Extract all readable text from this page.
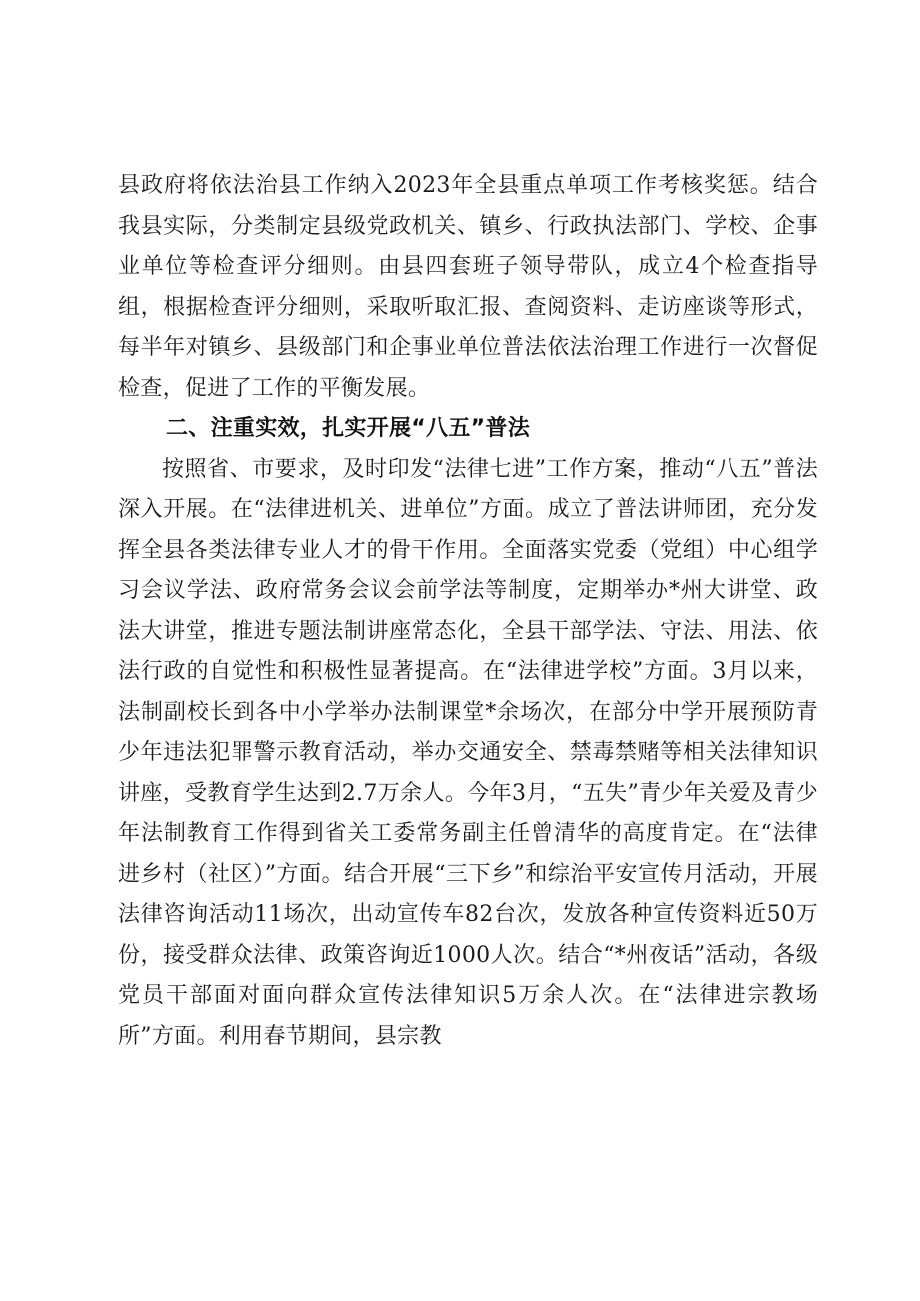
县政府将依法治县工作纳入2023年全县重点单项工作考核奖惩。结合我县实际，分类制定县级党政机关、镇乡、行政执法部门、学校、企事业单位等检查评分细则。由县四套班子领导带队，成立4个检查指导组，根据检查评分细则，采取听取汇报、查阅资料、走访座谈等形式，每半年对镇乡、县级部门和企事业单位普法依法治理工作进行一次督促检查，促进了工作的平衡发展。

二、注重实效，扎实开展“八五”普法

按照省、市要求，及时印发“法律七进”工作方案，推动“八五”普法深入开展。在“法律进机关、进单位”方面。成立了普法讲师团，充分发挥全县各类法律专业人才的骨干作用。全面落实党委（党组）中心组学习会议学法、政府常务会议会前学法等制度，定期举办*州大讲堂、政法大讲堂，推进专题法制讲座常态化，全县干部学法、守法、用法、依法行政的自觉性和积极性显著提高。在“法律进学校”方面。3月以来，法制副校长到各中小学举办法制课堂*余场次，在部分中学开展预防青少年违法犯罪警示教育活动，举办交通安全、禁毒禁赌等相关法律知识讲座，受教育学生达到2.7万余人。今年3月，“五失”青少年关爱及青少年法制教育工作得到省关工委常务副主任曾清华的高度肯定。在“法律进乡村（社区）”方面。结合开展“三下乡”和综治平安宣传月活动，开展法律咨询活动11场次，出动宣传车82台次，发放各种宣传资料近50万份，接受群众法律、政策咨询近1000人次。结合“*州夜话”活动，各级党员干部面对面向群众宣传法律知识5万余人次。在“法律进宗教场所”方面。利用春节期间，县宗教
